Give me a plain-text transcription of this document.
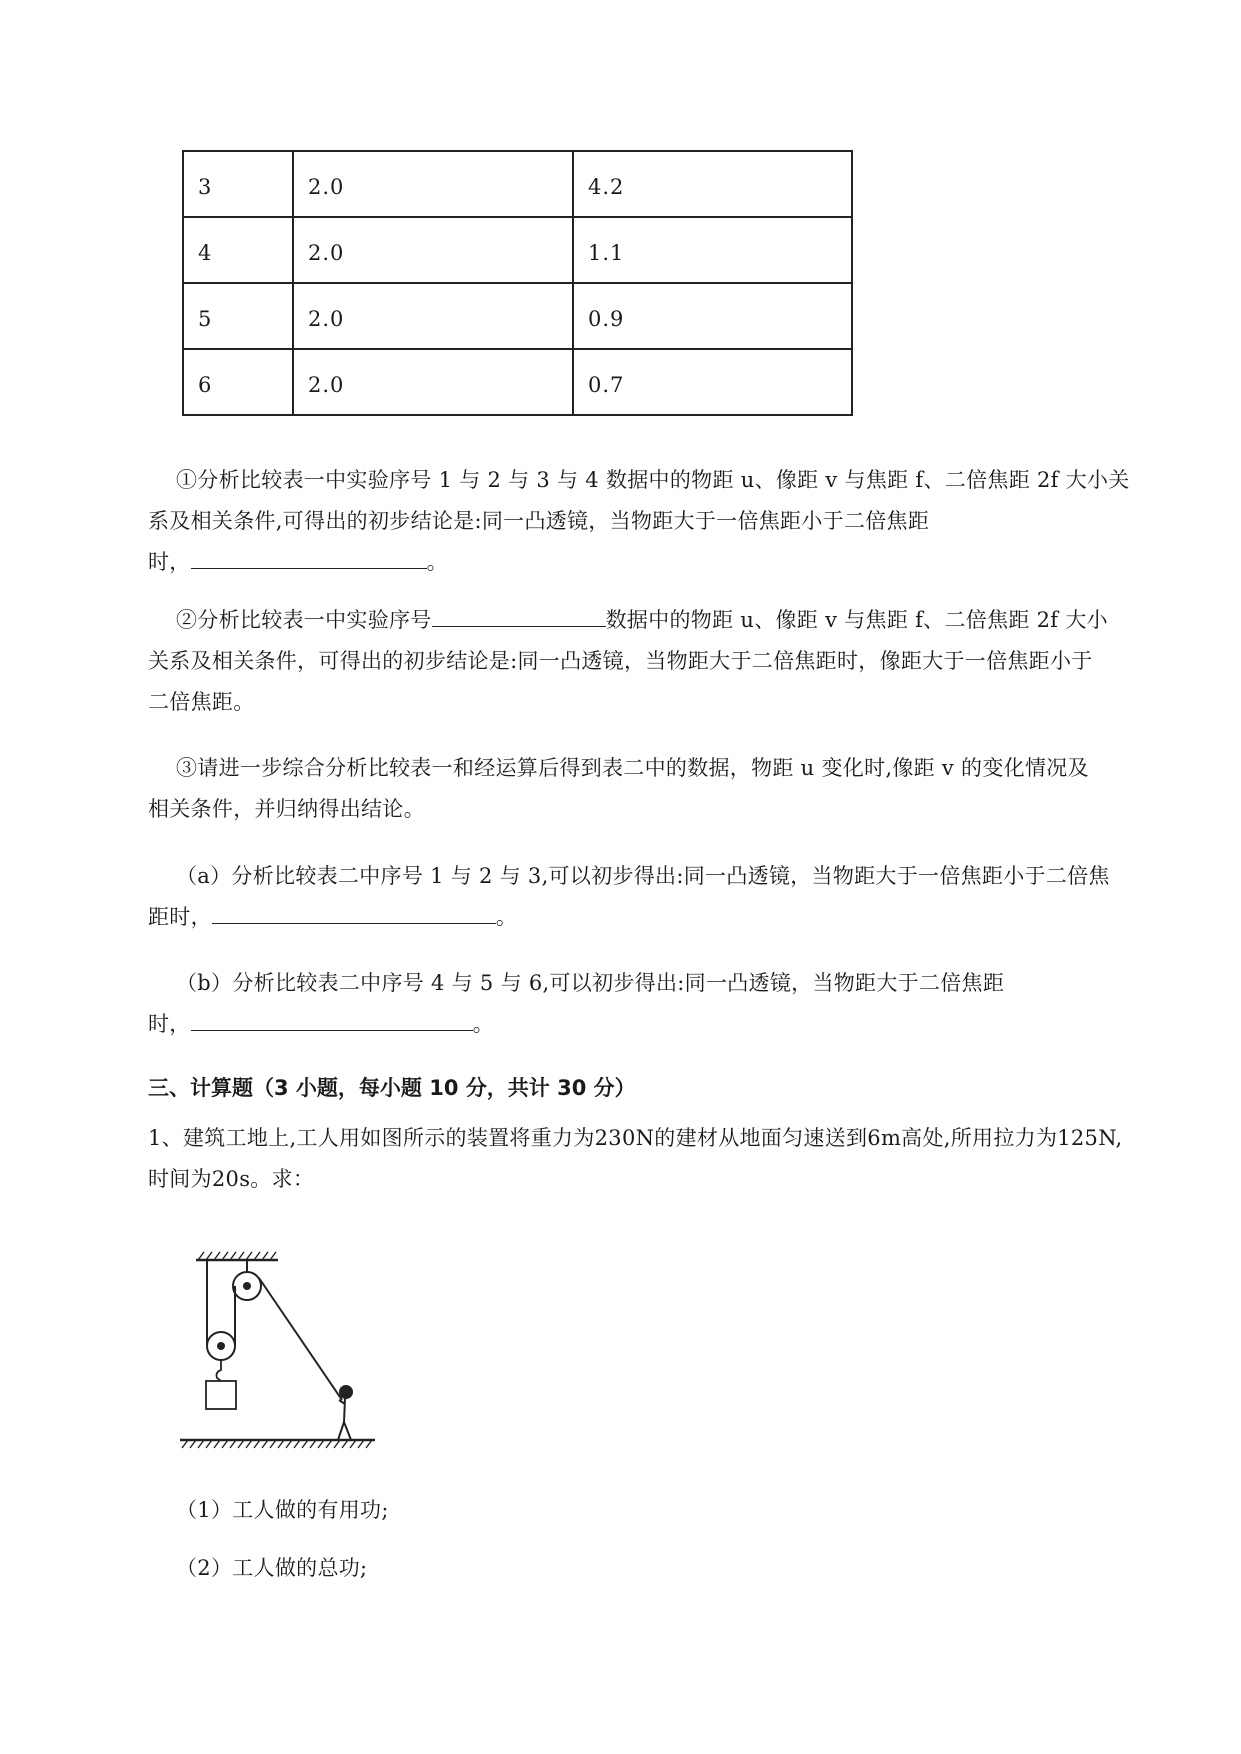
3	2.0	4.2
4	2.0	1.1
5	2.0	0.9
6	2.0	0.7
①分析比较表一中实验序号 1 与 2 与 3 与 4 数据中的物距 u、像距 v 与焦距 f、二倍焦距 2f 大小关
系及相关条件,可得出的初步结论是:同一凸透镜，当物距大于一倍焦距小于二倍焦距
时，	。
②分析比较表一中实验序号	数据中的物距 u、像距 v 与焦距 f、二倍焦距 2f 大小
关系及相关条件，可得出的初步结论是:同一凸透镜，当物距大于二倍焦距时，像距大于一倍焦距小于
二倍焦距。
③请进一步综合分析比较表一和经运算后得到表二中的数据，物距 u 变化时,像距 v 的变化情况及
相关条件，并归纳得出结论。
（a）分析比较表二中序号 1 与 2 与 3,可以初步得出:同一凸透镜，当物距大于一倍焦距小于二倍焦
距时，	。
（b）分析比较表二中序号 4 与 5 与 6,可以初步得出:同一凸透镜，当物距大于二倍焦距
时，	。
三、计算题（3 小题，每小题 10 分，共计 30 分）
1、建筑工地上,工人用如图所示的装置将重力为230N的建材从地面匀速送到6m高处,所用拉力为125N,
时间为20s。求：
（1）工人做的有用功;
（2）工人做的总功;
